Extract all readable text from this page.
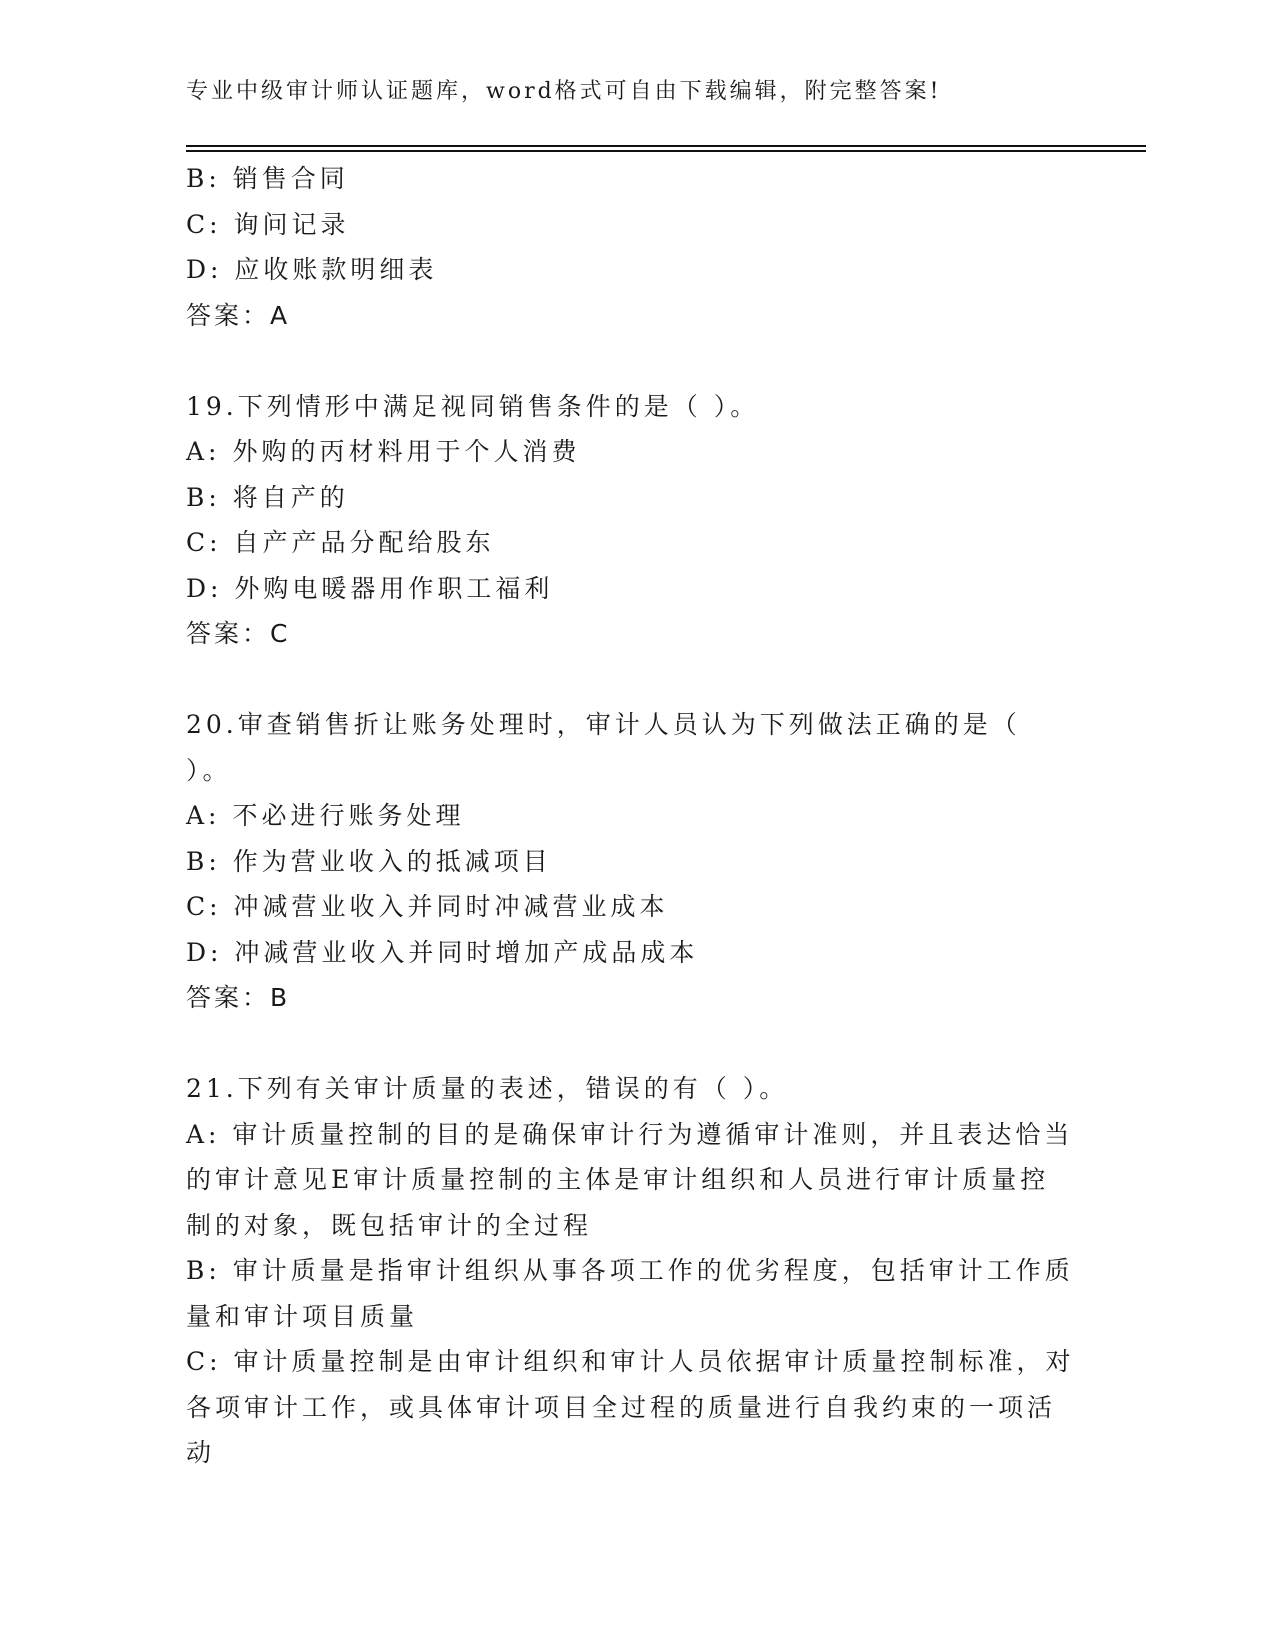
专业中级审计师认证题库，word格式可自由下载编辑，附完整答案!
B: 销售合同
C: 询问记录
D: 应收账款明细表
答案：A
19.下列情形中满足视同销售条件的是（ ）。
A: 外购的丙材料用于个人消费
B: 将自产的
C: 自产产品分配给股东
D: 外购电暖器用作职工福利
答案：C
20.审查销售折让账务处理时，审计人员认为下列做法正确的是（
）。
A: 不必进行账务处理
B: 作为营业收入的抵减项目
C: 冲减营业收入并同时冲减营业成本
D: 冲减营业收入并同时增加产成品成本
答案：B
21.下列有关审计质量的表述，错误的有（ ）。
A: 审计质量控制的目的是确保审计行为遵循审计准则，并且表达恰当
的审计意见E审计质量控制的主体是审计组织和人员进行审计质量控
制的对象，既包括审计的全过程
B: 审计质量是指审计组织从事各项工作的优劣程度，包括审计工作质
量和审计项目质量
C: 审计质量控制是由审计组织和审计人员依据审计质量控制标准，对
各项审计工作，或具体审计项目全过程的质量进行自我约束的一项活
动
